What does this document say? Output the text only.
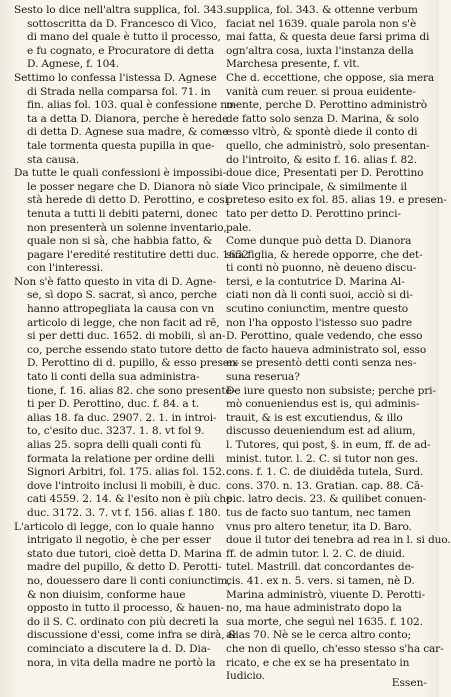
Sesto lo dice nell'altra supplica, fol. 343.
sottoscritta da D. Francesco di Vico,
di mano del quale è tutto il processo,
e fu cognato, e Procuratore di detta
D. Agnese, f. 104.
Settimo lo confessa l'istessa D. Agnese
di Strada nella comparsa fol. 71. in
fin. alias fol. 103. qual è confessione no-
ta a detta D. Dianora, perche è herede
di detta D. Agnese sua madre, & come
tale tormenta questa pupilla in que-
sta causa.
Da tutte le quali confessioni è impossibi-
le posser negare che D. Dianora nò sia
stà herede di detto D. Perottino, e cosi
tenuta a tutti li debiti paterni, donec
non presenterà un solenne inventario,
quale non si sà, che habbia fatto, &
pagare l'eredité restitutire detti duc. 1652
con l'interessi.
Non s'è fatto questo in vita di D. Agne-
se, sì dopo S. sacrat, sì anco, perche
hanno attropegliata la causa con vn
articolo di legge, che non facit ad rē,
si per detti duc. 1652. di mobili, sì an-
co, perche essendo stato tutore detto
D. Perottino di d. pupillo, & esso presen-
tato li conti della sua administra-
tione, f. 16. alias 82. che sono presentē-
ti per D. Perottino, duc. f. 84. a t.
alias 18. fa duc. 2907. 2. 1. in introi-
to, c'esito duc. 3237. 1. 8. vt fol 9.
alias 25. sopra delli quali conti fù
formata la relatione per ordine delli
Signori Arbitri, fol. 175. alias fol. 152.
dove l'introito inclusi li mobili, è duc.
cati 4559. 2. 14. & l'esito non è più che
duc. 3172. 3. 7. vt f. 156. alias f. 180.
L'articolo di legge, con lo quale hanno
intrigato il negotio, è che per esser
stato due tutori, cioè detta D. Marina
madre del pupillo, & detto D. Perotti-
no, douessero dare li conti coniunctim,
& non diuisim, conforme haue
opposto in tutto il processo, & hauen-
do il S. C. ordinato con più decreti la
discussione d'essi, come infra se dirà, &
cominciato a discutere la d. D. Dia-
nora, in vita della madre ne portò la
supplica, fol. 343. & ottenne verbum
faciat nel 1639. quale parola non s'è
mai fatta, & questa deue farsi prima di
ogn'altra cosa, iuxta l'instanza della
Marchesa presente, f. vlt.
Che d. eccettione, che oppose, sia mera
vanità cum reuer. si proua euidente-
mente, perche D. Perottino administrò
de fatto solo senza D. Marina, & solo
esso vltrò, & spontè diede il conto di
quello, che administrò, solo presentan-
do l'introito, & esito f. 16. alias f. 82.
doue dice, Presentati per D. Perottino
de Vico principale, & similmente il
preteso esito ex fol. 85. alias 19. e presen-
tato per detto D. Perottino princi-
pale.
Come dunque può detta D. Dianora
sua figlia, & herede opporre, che det-
ti conti nò puonno, nè deueno discu-
tersi, e la contutrice D. Marina Al-
ciati non dà li conti suoi, acciò si di-
scutino coniunctim, mentre questo
non l'ha opposto l'istesso suo padre
D. Perottino, quale vedendo, che esso
de facto haueva administrato sol, esso
ex se presentò detti conti senza nes-
suna reserua?
De iure questo non subsiste; perche pri-
mò conueniendus est is, qui adminis-
trauit, & is est excutiendus, & illo
discusso deueniendum est ad alium,
l. Tutores, qui post, §. in eum, ff. de ad-
minist. tutor. l. 2. C. si tutor non ges.
cons. f. 1. C. de diuidēda tutela, Surd.
cons. 370. n. 13. Gratian. cap. 88. Cā-
pic. latro decis. 23. & quilibet conuen-
tus de facto suo tantum, nec tamen
vnus pro altero tenetur, ita D. Baro.
doue il tutor dei tenebra ad rea in l. si duo.
ff. de admin tutor. l. 2. C. de diuid.
tutel. Mastrill. dat concordantes de-
cis. 41. ex n. 5. vers. si tamen, nè D.
Marina administrò, viuente D. Perotti-
no, ma haue administrato dopo la
sua morte, che seguì nel 1635. f. 102.
alias 70. Nè se le cerca altro conto;
che non di quello, ch'esso stesso s'ha car-
ricato, e che ex se ha presentato in
Iudicio.
Essen-
